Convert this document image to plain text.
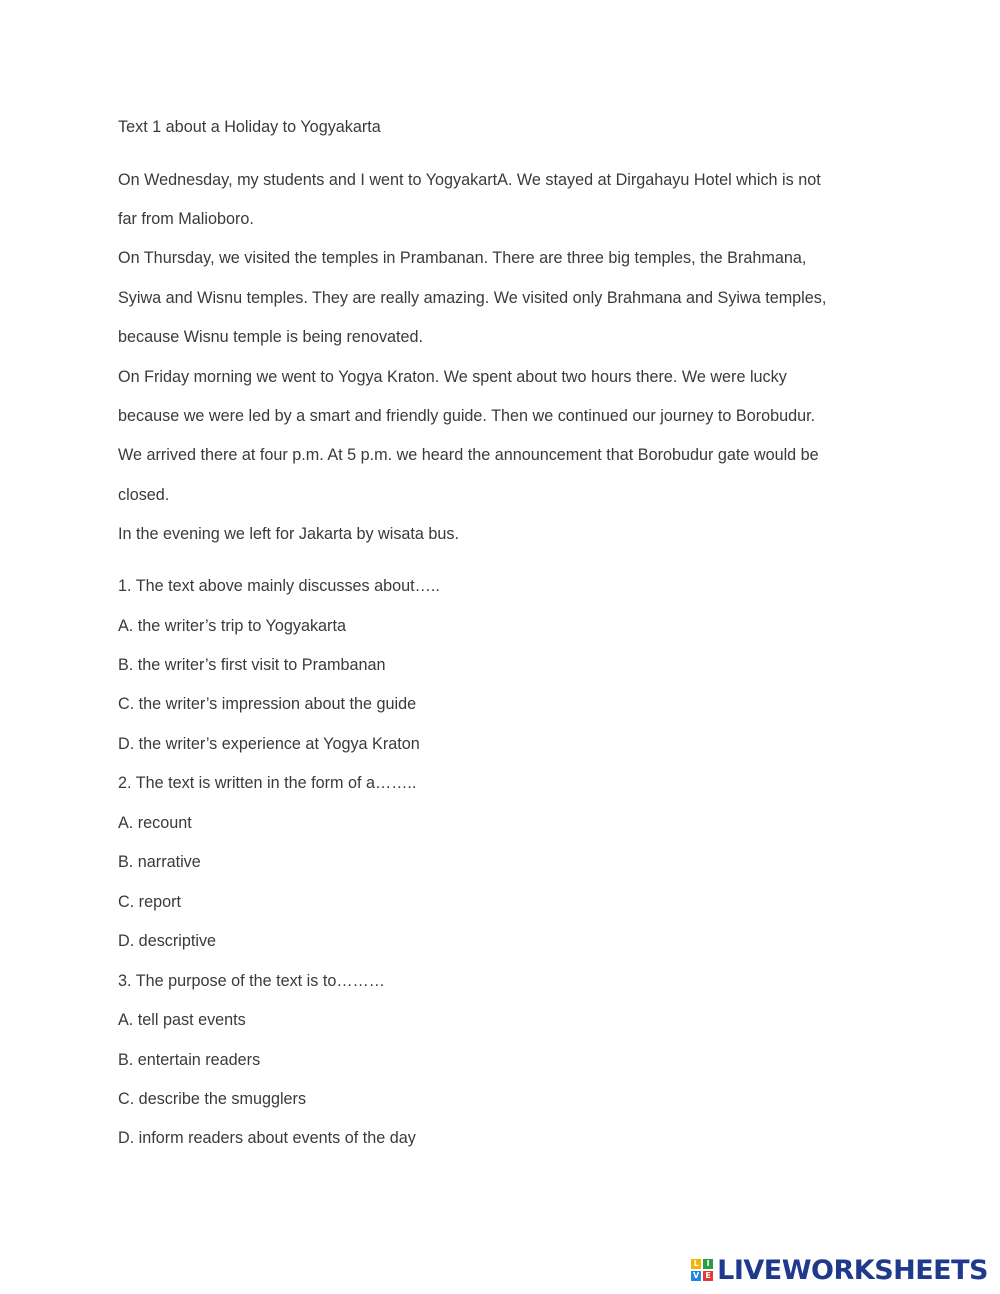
Text 1 about a Holiday to Yogyakarta
On Wednesday, my students and I went to YogyakartA. We stayed at Dirgahayu Hotel which is not
far from Malioboro.
On Thursday, we visited the temples in Prambanan. There are three big temples, the Brahmana,
Syiwa and Wisnu temples. They are really amazing. We visited only Brahmana and Syiwa temples,
because Wisnu temple is being renovated.
On Friday morning we went to Yogya Kraton. We spent about two hours there. We were lucky
because we were led by a smart and friendly guide. Then we continued our journey to Borobudur.
We arrived there at four p.m. At 5 p.m. we heard the announcement that Borobudur gate would be
closed.
In the evening we left for Jakarta by wisata bus.
1. The text above mainly discusses about…..
A. the writer’s trip to Yogyakarta
B. the writer’s first visit to Prambanan
C. the writer’s impression about the guide
D. the writer’s experience at Yogya Kraton
2. The text is written in the form of a……..
A. recount
B. narrative
C. report
D. descriptive
3. The purpose of the text is to………
A. tell past events
B. entertain readers
C. describe the smugglers
D. inform readers about events of the day
L I
V E LIVEWORKSHEETS
